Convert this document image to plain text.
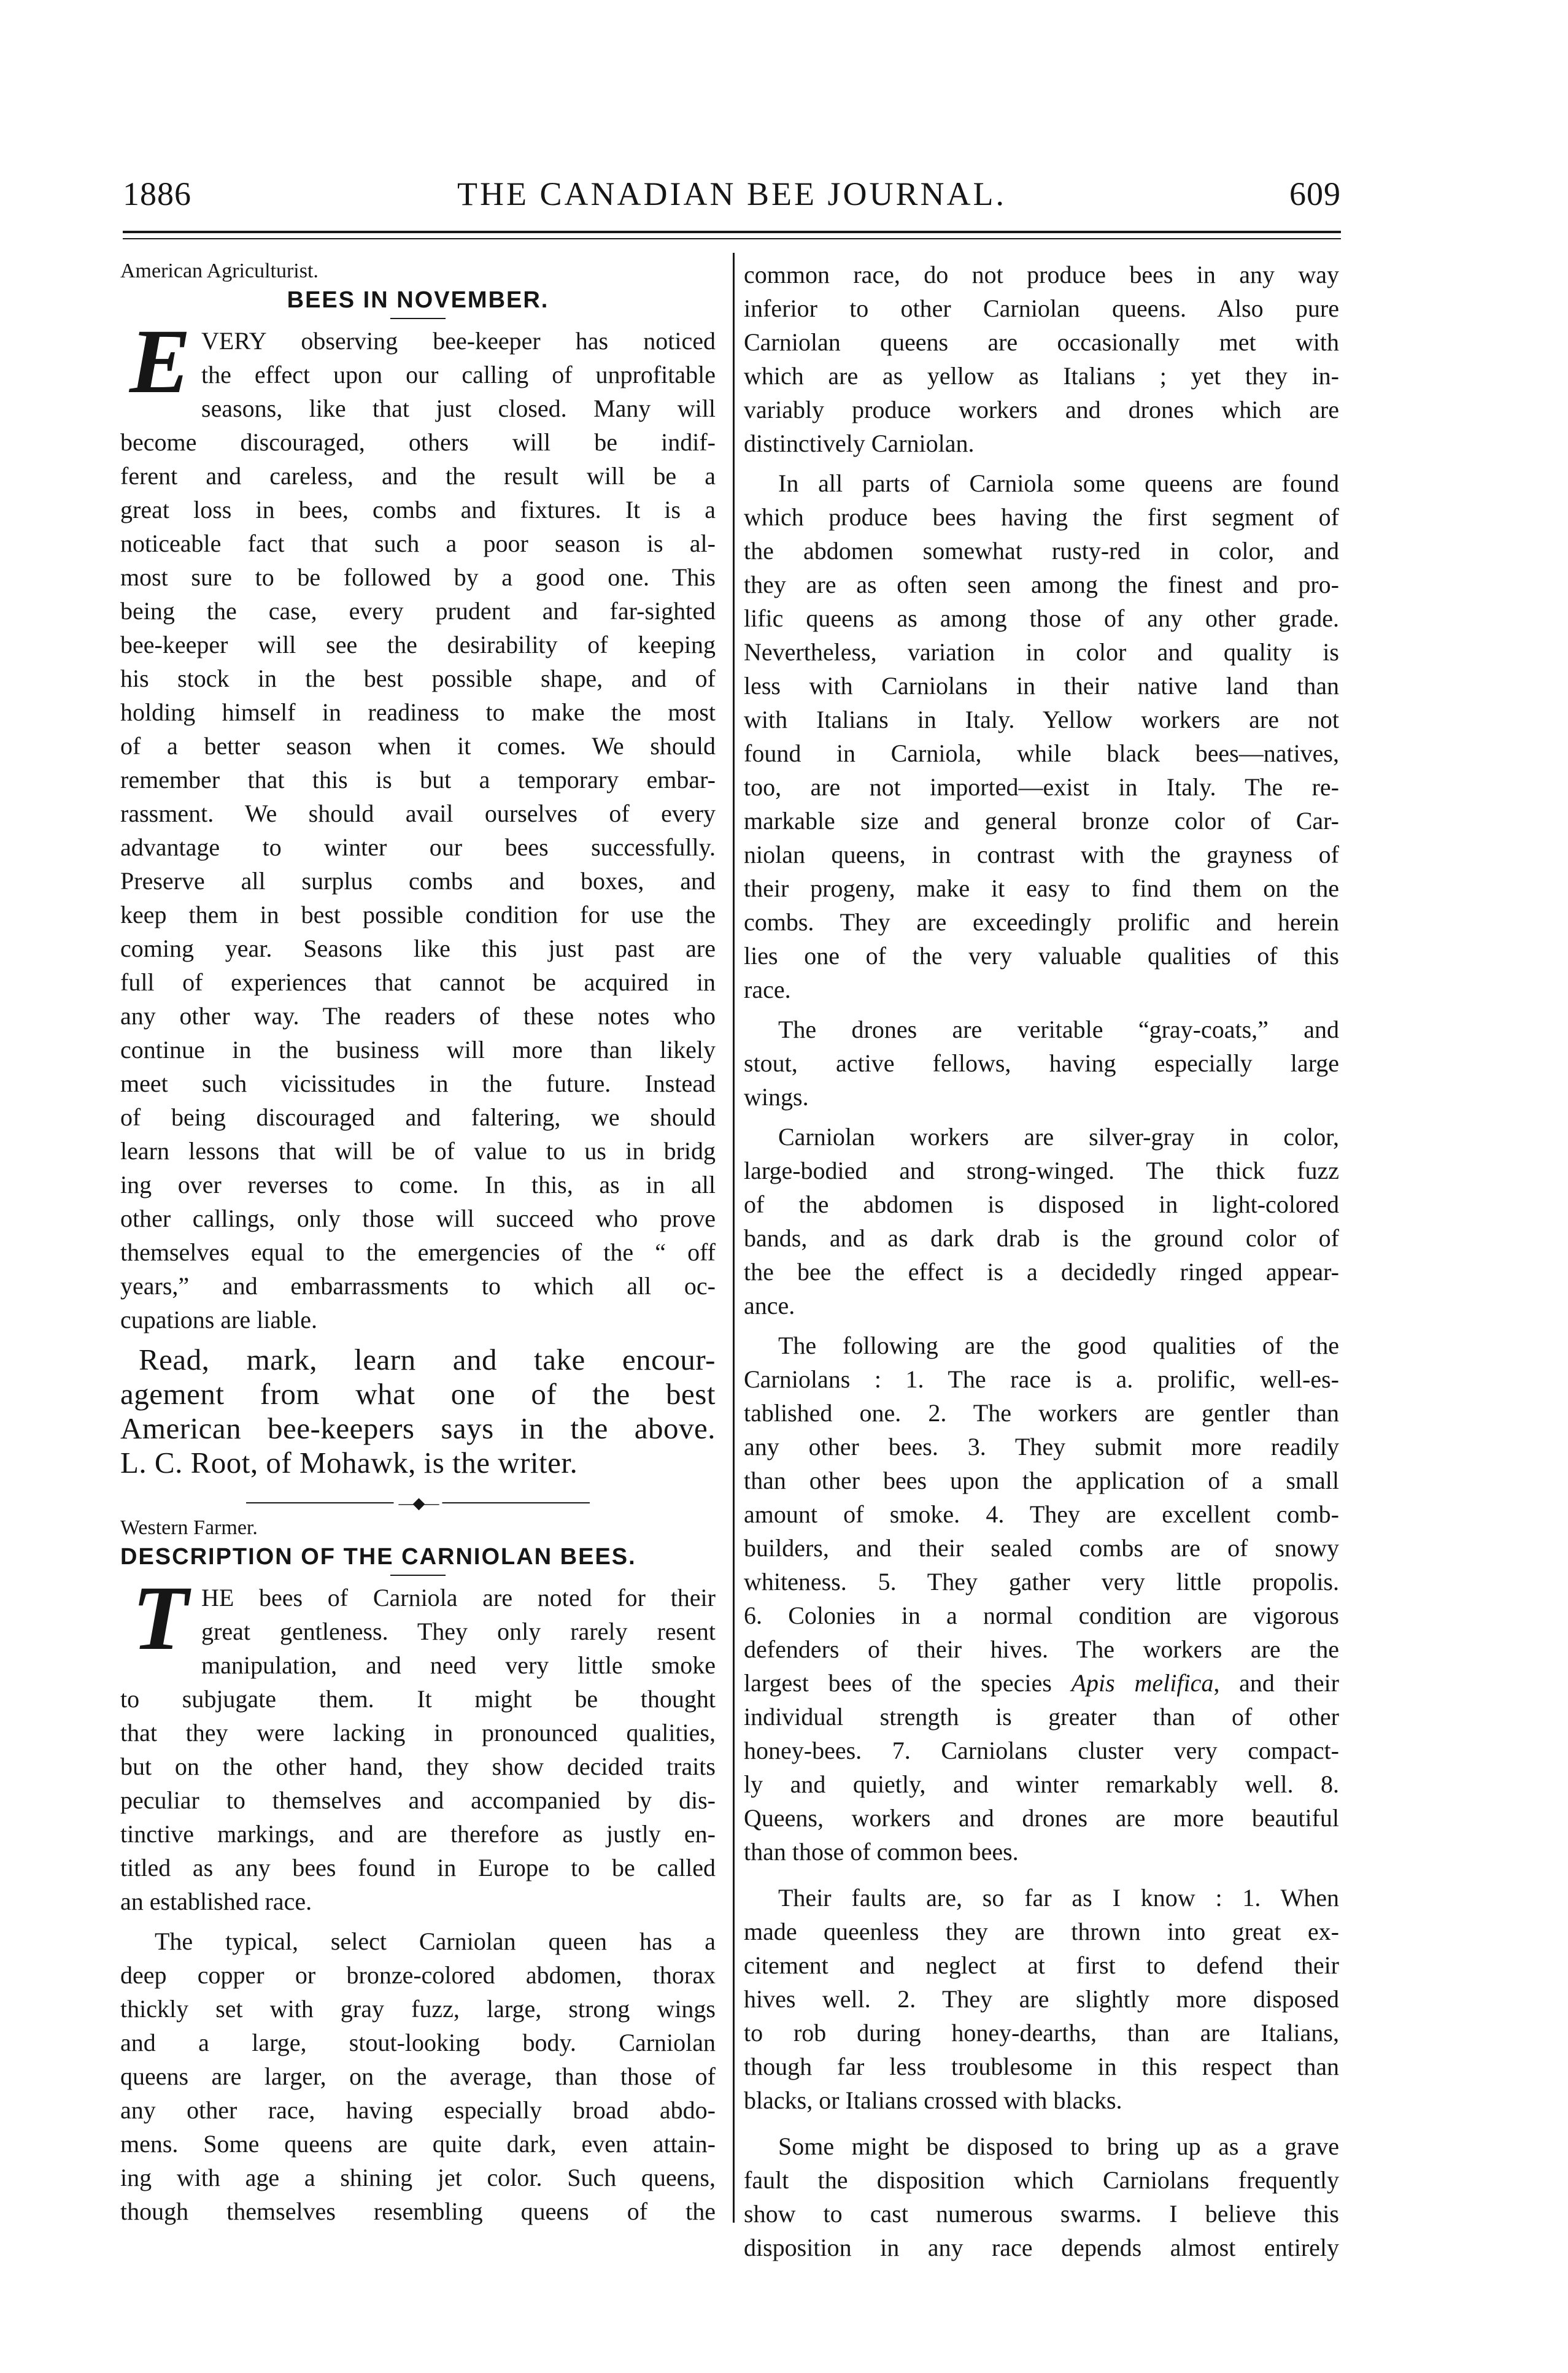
1886	THE CANADIAN BEE JOURNAL.	609

American Agriculturist.

BEES IN NOVEMBER.

E VERY observing bee-keeper has noticed

the effect upon our calling of unprofitable

seasons, like that just closed. Many will

become discouraged, others will be indif-

ferent and careless, and the result will be a

great loss in bees, combs and fixtures. It is a

noticeable fact that such a poor season is al-

most sure to be followed by a good one. This

being the case, every prudent and far-sighted

bee-keeper will see the desirability of keeping

his stock in the best possible shape, and of

holding himself in readiness to make the most

of a better season when it comes. We should

remember that this is but a temporary embar-

rassment. We should avail ourselves of every

advantage to winter our bees successfully.

Preserve all surplus combs and boxes, and

keep them in best possible condition for use the

coming year. Seasons like this just past are

full of experiences that cannot be acquired in

any other way. The readers of these notes who

continue in the business will more than likely

meet such vicissitudes in the future. Instead

of being discouraged and faltering, we should

learn lessons that will be of value to us in bridg

ing over reverses to come. In this, as in all

other callings, only those will succeed who prove

themselves equal to the emergencies of the “ off

years,” and embarrassments to which all oc-

cupations are liable.

Read, mark, learn and take encour-

agement from what one of the best

American bee-keepers says in the above.

L. C. Root, of Mohawk, is the writer.

—◆—

Western Farmer.

DESCRIPTION OF THE CARNIOLAN BEES.

T HE bees of Carniola are noted for their

great gentleness. They only rarely resent

manipulation, and need very little smoke

to subjugate them. It might be thought

that they were lacking in pronounced qualities,

but on the other hand, they show decided traits

peculiar to themselves and accompanied by dis-

tinctive markings, and are therefore as justly en-

titled as any bees found in Europe to be called

an established race.

The typical, select Carniolan queen has a

deep copper or bronze-colored abdomen, thorax

thickly set with gray fuzz, large, strong wings

and a large, stout-looking body. Carniolan

queens are larger, on the average, than those of

any other race, having especially broad abdo-

mens. Some queens are quite dark, even attain-

ing with age a shining jet color. Such queens,

though themselves resembling queens of the

common race, do not produce bees in any way

inferior to other Carniolan queens. Also pure

Carniolan queens are occasionally met with

which are as yellow as Italians ; yet they in-

variably produce workers and drones which are

distinctively Carniolan.

In all parts of Carniola some queens are found

which produce bees having the first segment of

the abdomen somewhat rusty-red in color, and

they are as often seen among the finest and pro-

lific queens as among those of any other grade.

Nevertheless, variation in color and quality is

less with Carniolans in their native land than

with Italians in Italy. Yellow workers are not

found in Carniola, while black bees—natives,

too, are not imported—exist in Italy. The re-

markable size and general bronze color of Car-

niolan queens, in contrast with the grayness of

their progeny, make it easy to find them on the

combs. They are exceedingly prolific and herein

lies one of the very valuable qualities of this

race.

The drones are veritable “gray-coats,” and

stout, active fellows, having especially large

wings.

Carniolan workers are silver-gray in color,

large-bodied and strong-winged. The thick fuzz

of the abdomen is disposed in light-colored

bands, and as dark drab is the ground color of

the bee the effect is a decidedly ringed appear-

ance.

The following are the good qualities of the

Carniolans : 1. The race is a. prolific, well-es-

tablished one. 2. The workers are gentler than

any other bees. 3. They submit more readily

than other bees upon the application of a small

amount of smoke. 4. They are excellent comb-

builders, and their sealed combs are of snowy

whiteness. 5. They gather very little propolis.

6. Colonies in a normal condition are vigorous

defenders of their hives. The workers are the

largest bees of the species Apis melifica, and their

individual strength is greater than of other

honey-bees. 7. Carniolans cluster very compact-

ly and quietly, and winter remarkably well. 8.

Queens, workers and drones are more beautiful

than those of common bees.

Their faults are, so far as I know : 1. When

made queenless they are thrown into great ex-

citement and neglect at first to defend their

hives well. 2. They are slightly more disposed

to rob during honey-dearths, than are Italians,

though far less troublesome in this respect than

blacks, or Italians crossed with blacks.

Some might be disposed to bring up as a grave

fault the disposition which Carniolans frequently

show to cast numerous swarms. I believe this

disposition in any race depends almost entirely
